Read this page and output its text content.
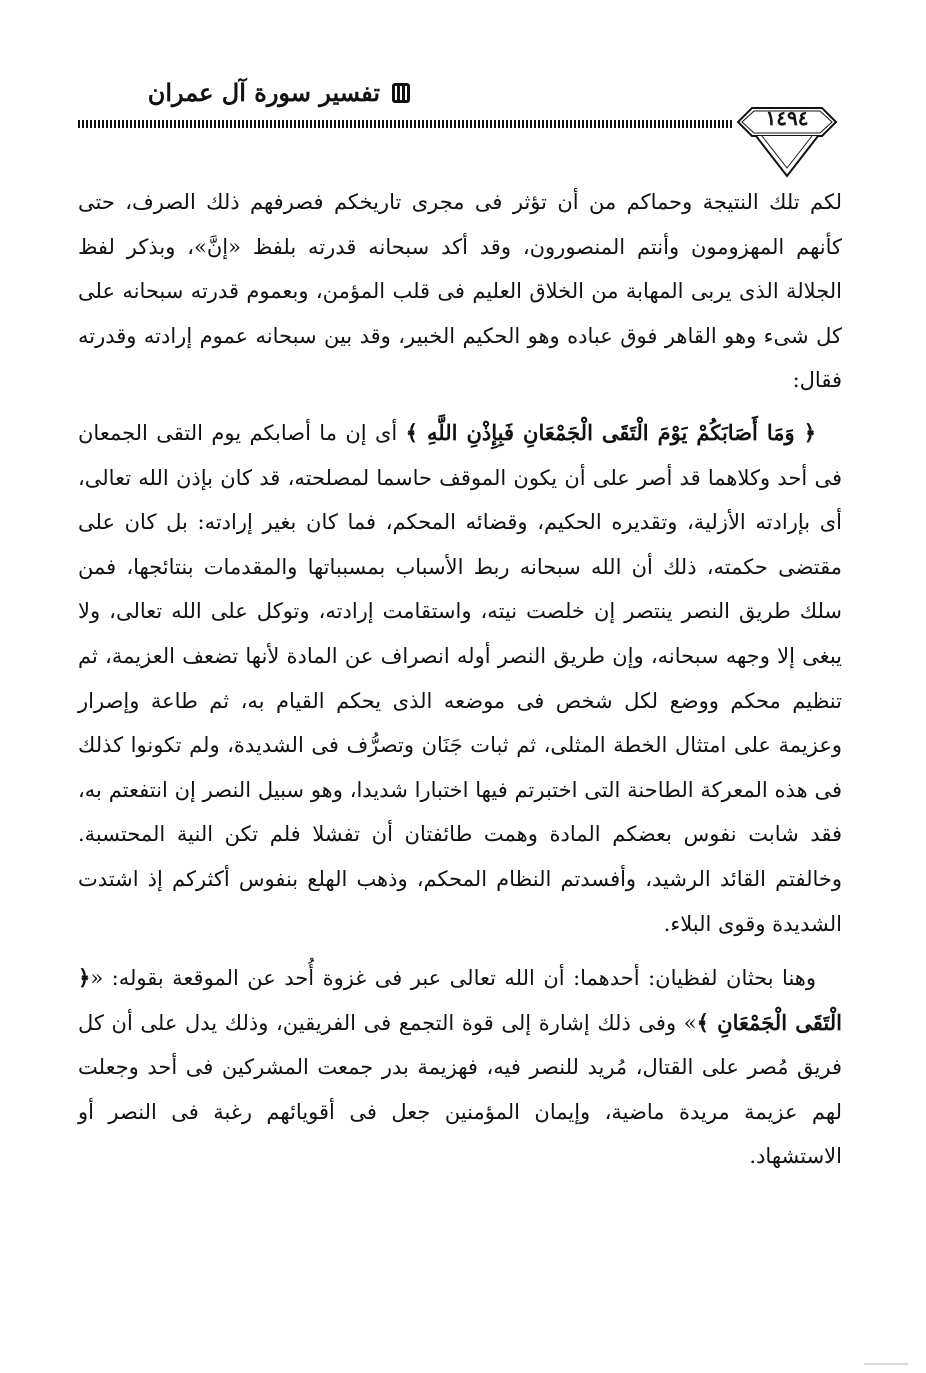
تفسير سورة آل عمران
١٤٩٤

لكم تلك النتيجة وحماكم من أن تؤثر فى مجرى تاريخكم فصرفهم ذلك الصرف، حتى كأنهم المهزومون وأنتم المنصورون، وقد أكد سبحانه قدرته بلفظ «إنَّ»، وبذكر لفظ الجلالة الذى يربى المهابة من الخلاق العليم فى قلب المؤمن، وبعموم قدرته سبحانه على كل شىء وهو القاهر فوق عباده وهو الحكيم الخبير، وقد بين سبحانه عموم إرادته وقدرته فقال:

﴿ وَمَا أَصَابَكُمْ يَوْمَ الْتَقَى الْجَمْعَانِ فَبِإِذْنِ اللَّهِ ﴾ أى إن ما أصابكم يوم التقى الجمعان فى أحد وكلاهما قد أصر على أن يكون الموقف حاسما لمصلحته، قد كان بإذن الله تعالى، أى بإرادته الأزلية، وتقديره الحكيم، وقضائه المحكم، فما كان بغير إرادته: بل كان على مقتضى حكمته، ذلك أن الله سبحانه ربط الأسباب بمسبباتها والمقدمات بنتائجها، فمن سلك طريق النصر ينتصر إن خلصت نيته، واستقامت إرادته، وتوكل على الله تعالى، ولا يبغى إلا وجهه سبحانه، وإن طريق النصر أوله انصراف عن المادة لأنها تضعف العزيمة، ثم تنظيم محكم ووضع لكل شخص فى موضعه الذى يحكم القيام به، ثم طاعة وإصرار وعزيمة على امتثال الخطة المثلى، ثم ثبات جَنَان وتصرُّف فى الشديدة، ولم تكونوا كذلك فى هذه المعركة الطاحنة التى اختبرتم فيها اختبارا شديدا، وهو سبيل النصر إن انتفعتم به، فقد شابت نفوس بعضكم المادة وهمت طائفتان أن تفشلا فلم تكن النية المحتسبة. وخالفتم القائد الرشيد، وأفسدتم النظام المحكم، وذهب الهلع بنفوس أكثركم إذ اشتدت الشديدة وقوى البلاء.

وهنا بحثان لفظيان: أحدهما: أن الله تعالى عبر فى غزوة أُحد عن الموقعة بقوله: «﴿ الْتَقَى الْجَمْعَانِ ﴾» وفى ذلك إشارة إلى قوة التجمع فى الفريقين، وذلك يدل على أن كل فريق مُصر على القتال، مُريد للنصر فيه، فهزيمة بدر جمعت المشركين فى أحد وجعلت لهم عزيمة مريدة ماضية، وإيمان المؤمنين جعل فى أقويائهم رغبة فى النصر أو الاستشهاد.
